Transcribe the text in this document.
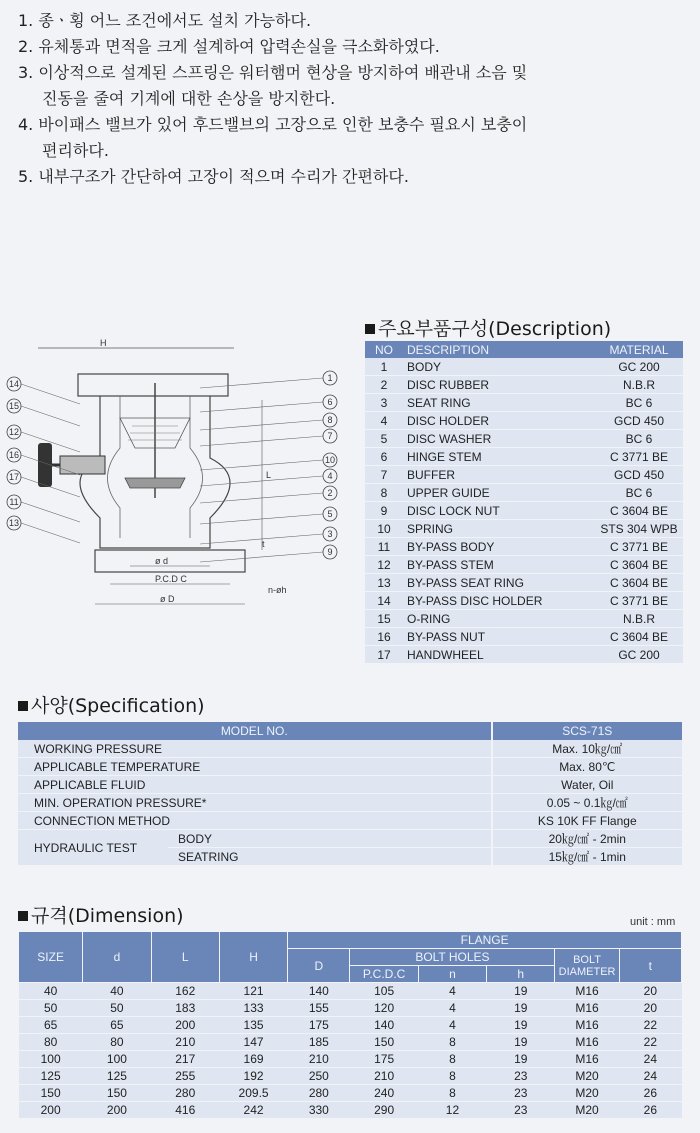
1. 종ㆍ횡 어느 조건에서도 설치 가능하다.
2. 유체통과 면적을 크게 설계하여 압력손실을 극소화하였다.
3. 이상적으로 설계된 스프링은 워터햄머 현상을 방지하여 배관내 소음 및
진동을 줄여 기계에 대한 손상을 방지한다.
4. 바이패스 밸브가 있어 후드밸브의 고장으로 인한 보충수 필요시 보충이
편리하다.
5. 내부구조가 간단하여 고장이 적으며 수리가 간편하다.
주요부품구성(Description)
H
ø d
P.C.D C
ø D
L
t
n-øh
14
15
12
16
17
11
13
1
6
8
7
10
4
2
5
3
9
NO	DESCRIPTION	MATERIAL
1	BODY	GC 200
2	DISC RUBBER	N.B.R
3	SEAT RING	BC 6
4	DISC HOLDER	GCD 450
5	DISC WASHER	BC 6
6	HINGE STEM	C 3771 BE
7	BUFFER	GCD 450
8	UPPER GUIDE	BC 6
9	DISC LOCK NUT	C 3604 BE
10	SPRING	STS 304 WPB
11	BY-PASS BODY	C 3771 BE
12	BY-PASS STEM	C 3604 BE
13	BY-PASS SEAT RING	C 3604 BE
14	BY-PASS DISC HOLDER	C 3771 BE
15	O-RING	N.B.R
16	BY-PASS NUT	C 3604 BE
17	HANDWHEEL	GC 200
사양(Specification)
MODEL NO.		SCS-71S
WORKING PRESSURE		Max. 10㎏/㎠
APPLICABLE TEMPERATURE		Max. 80℃
APPLICABLE FLUID		Water, Oil
MIN. OPERATION PRESSURE*		0.05 ~ 0.1㎏/㎠
CONNECTION METHOD		KS 10K FF Flange
HYDRAULIC TEST	BODY	20㎏/㎠ - 2min
	SEATRING	15㎏/㎠ - 1min
규격(Dimension)	unit : mm
SIZE	d	L	H	FLANGE					
				D	BOLT HOLES			BOLT DIAMETER	t
					P.C.D.C	n	h		
40	40	162	121	140	105	4	19	M16	20
50	50	183	133	155	120	4	19	M16	20
65	65	200	135	175	140	4	19	M16	22
80	80	210	147	185	150	8	19	M16	22
100	100	217	169	210	175	8	19	M16	24
125	125	255	192	250	210	8	23	M20	24
150	150	280	209.5	280	240	8	23	M20	26
200	200	416	242	330	290	12	23	M20	26
